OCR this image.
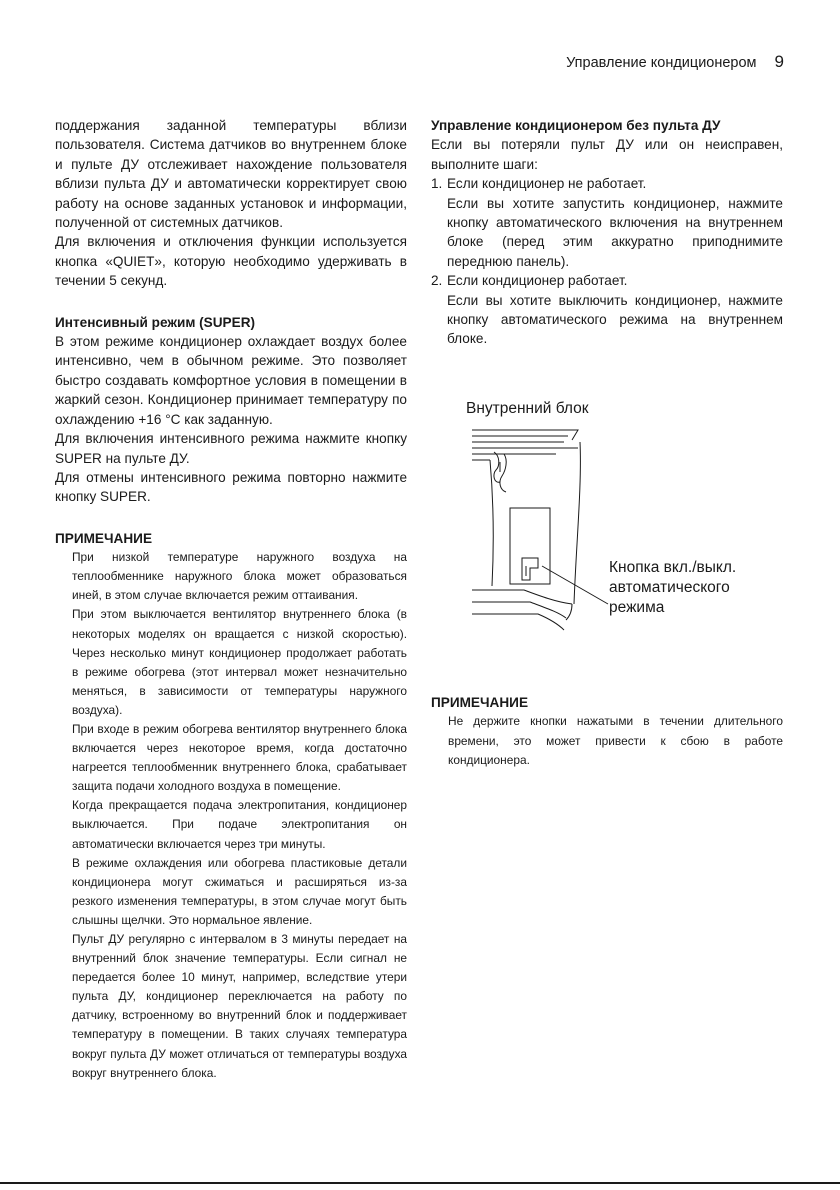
Управление кондиционером 9

поддержания заданной температуры вблизи пользователя. Система датчиков во внутреннем блоке и пульте ДУ отслеживает нахождение пользователя вблизи пульта ДУ и автоматически корректирует свою работу на основе заданных установок и информации, полученной от системных датчиков.

Для включения и отключения функции используется кнопка «QUIET», которую необходимо удерживать в течении 5 секунд.

Интенсивный режим (SUPER)

В этом режиме кондиционер охлаждает воздух более интенсивно, чем в обычном режиме. Это позволяет быстро создавать комфортное условия в помещении в жаркий сезон. Кондиционер принимает температуру по охлаждению +16 °С как заданную.

Для включения интенсивного режима нажмите кнопку SUPER на пульте ДУ.

Для отмены интенсивного режима повторно нажмите кнопку SUPER.

ПРИМЕЧАНИЕ

При низкой температуре наружного воздуха на теплообменнике наружного блока может образоваться иней, в этом случае включается режим оттаивания.

При этом выключается вентилятор внутреннего блока (в некоторых моделях он вращается с низкой скоростью). Через несколько минут кондиционер продолжает работать в режиме обогрева (этот интервал может незначительно меняться, в зависимости от температуры наружного воздуха).

При входе в режим обогрева вентилятор внутреннего блока включается через некоторое время, когда достаточно нагреется теплообменник внутреннего блока, срабатывает защита подачи холодного воздуха в помещение.

Когда прекращается подача электропитания, кондиционер выключается. При подаче электропитания он автоматически включается через три минуты.

В режиме охлаждения или обогрева пластиковые детали кондиционера могут сжиматься и расширяться из-за резкого изменения температуры, в этом случае могут быть слышны щелчки. Это нормальное явление.

Пульт ДУ регулярно с интервалом в 3 минуты передает на внутренний блок значение температуры. Если сигнал не передается более 10 минут, например, вследствие утери пульта ДУ, кондиционер переключается на работу по датчику, встроенному во внутренний блок и поддерживает температуру в помещении. В таких случаях температура вокруг пульта ДУ может отличаться от температуры воздуха вокруг внутреннего блока.

Управление кондиционером без пульта ДУ

Если вы потеряли пульт ДУ или он неисправен, выполните шаги:

1. Если кондиционер не работает.

Если вы хотите запустить кондиционер, нажмите кнопку автоматического включения на внутреннем блоке (перед этим аккуратно приподнимите переднюю панель).

2. Если кондиционер работает.

Если вы хотите выключить кондиционер, нажмите кнопку автоматического режима на внутреннем блоке.

Внутренний блок
Кнопка вкл./выкл.
автоматического
режима
ПРИМЕЧАНИЕ

Не держите кнопки нажатыми в течении длительного времени, это может привести к сбою в работе кондиционера.
